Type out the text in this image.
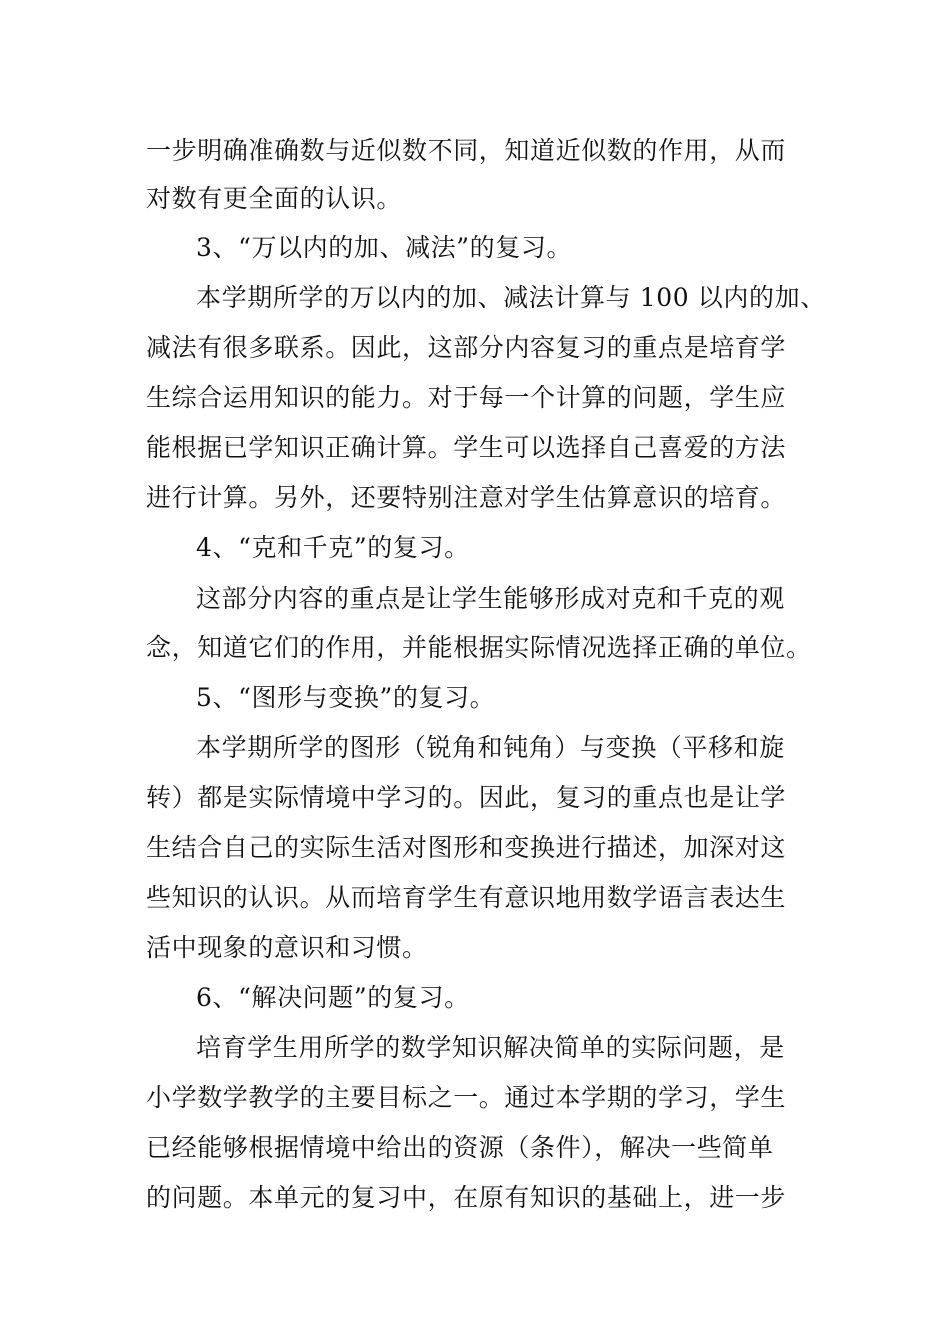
一步明确准确数与近似数不同，知道近似数的作用，从而
对数有更全面的认识。
3、“万以内的加、减法”的复习。
本学期所学的万以内的加、减法计算与 100 以内的加、
减法有很多联系。因此，这部分内容复习的重点是培育学
生综合运用知识的能力。对于每一个计算的问题，学生应
能根据已学知识正确计算。学生可以选择自己喜爱的方法
进行计算。另外，还要特别注意对学生估算意识的培育。
4、“克和千克”的复习。
这部分内容的重点是让学生能够形成对克和千克的观
念，知道它们的作用，并能根据实际情况选择正确的单位。
5、“图形与变换”的复习。
本学期所学的图形（锐角和钝角）与变换（平移和旋
转）都是实际情境中学习的。因此，复习的重点也是让学
生结合自己的实际生活对图形和变换进行描述，加深对这
些知识的认识。从而培育学生有意识地用数学语言表达生
活中现象的意识和习惯。
6、“解决问题”的复习。
培育学生用所学的数学知识解决简单的实际问题，是
小学数学教学的主要目标之一。通过本学期的学习，学生
已经能够根据情境中给出的资源（条件），解决一些简单
的问题。本单元的复习中，在原有知识的基础上，进一步
